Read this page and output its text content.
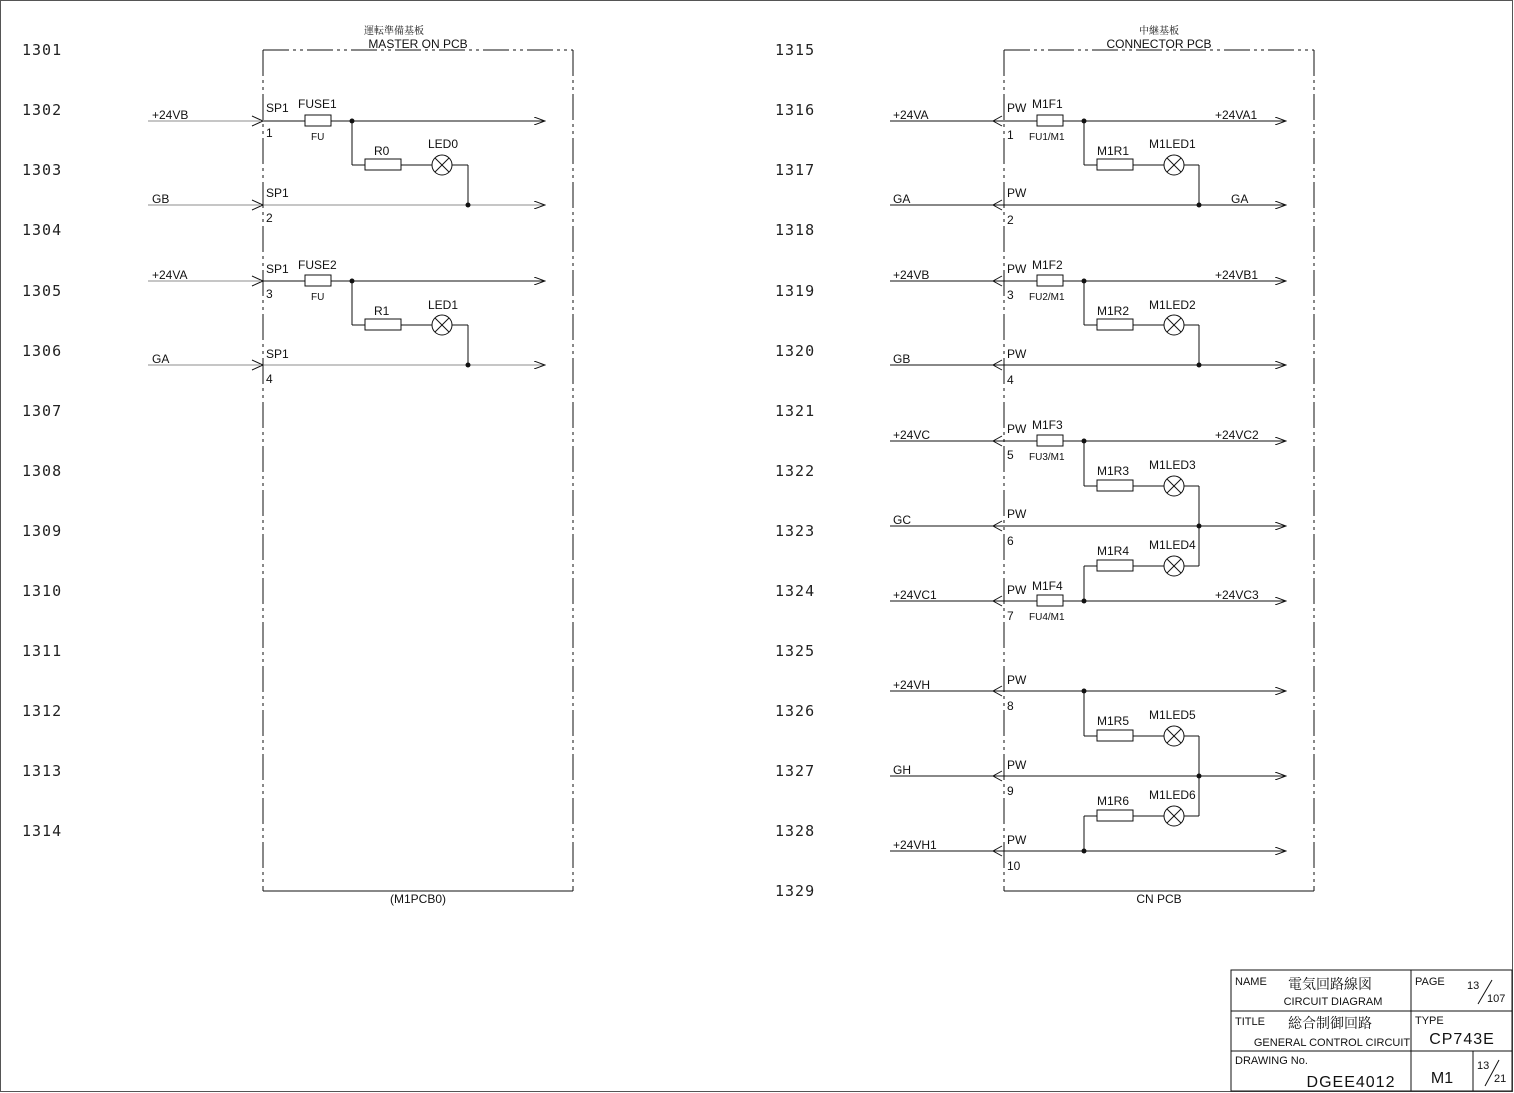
1301
1302
1303
1304
1305
1306
1307
1308
1309
1310
1311
1312
1313
1314
1315
1316
1317
1318
1319
1320
1321
1322
1323
1324
1325
1326
1327
1328
1329
運転準備基板
MASTER ON PCB
(M1PCB0)
+24VB	SP1
1
FUSE1
FU
R0	LED0
GB	SP1
2
+24VA	SP1
3
FUSE2
FU
R1	LED1
GA	SP1
4
中継基板
CONNECTOR PCB
CN PCB
+24VA	PW
1
M1F1
FU1/M1
+24VA1
M1R1 M1LED1
GA	PW
2
GA
+24VB	PW
3
M1F2
FU2/M1
+24VB1
M1R2 M1LED2
GB	PW
4
+24VC	PW
5
M1F3
FU3/M1
+24VC2
M1R3 M1LED3
GC	PW
6
M1R4 M1LED4
+24VC1	PW
7
M1F4
FU4/M1
+24VC3
+24VH	PW
8
M1R5 M1LED5
GH	PW
9
M1R6 M1LED6
+24VH1	PW
10
NAME 電気回路線図
CIRCUIT DIAGRAM
TITLE 総合制御回路
GENERAL CONTROL CIRCUIT
DRAWING No.
DGEE4012
PAGE 13
107
TYPE
CP743E
M1
13
21
